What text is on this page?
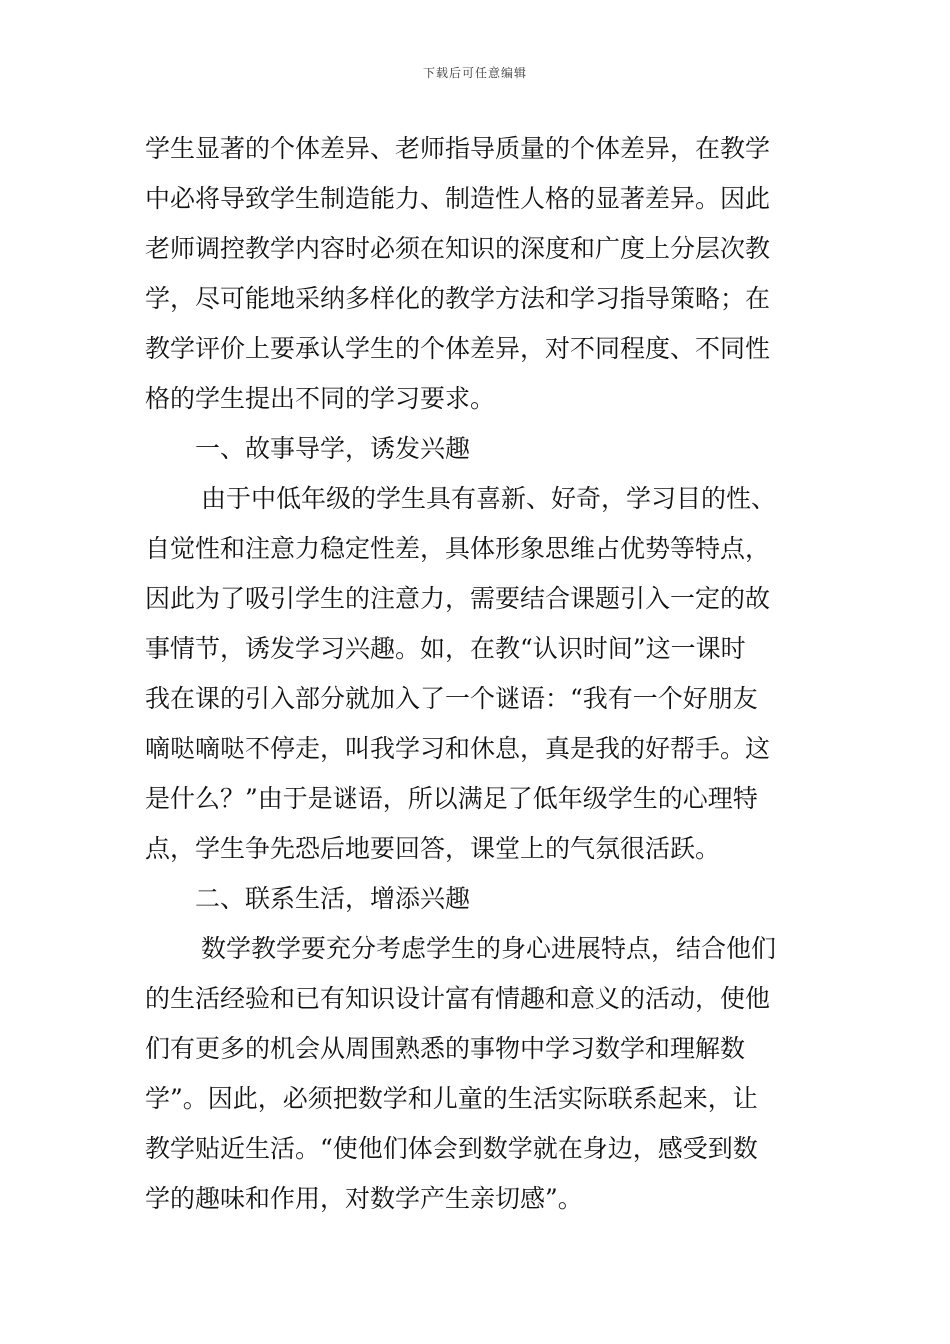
下载后可任意编辑
学生显著的个体差异、老师指导质量的个体差异，在教学
中必将导致学生制造能力、制造性人格的显著差异。因此
老师调控教学内容时必须在知识的深度和广度上分层次教
学，尽可能地采纳多样化的教学方法和学习指导策略；在
教学评价上要承认学生的个体差异，对不同程度、不同性
格的学生提出不同的学习要求。
一、故事导学，诱发兴趣
由于中低年级的学生具有喜新、好奇，学习目的性、
自觉性和注意力稳定性差，具体形象思维占优势等特点，
因此为了吸引学生的注意力，需要结合课题引入一定的故
事情节，诱发学习兴趣。如，在教“认识时间”这一课时
我在课的引入部分就加入了一个谜语：“我有一个好朋友
嘀哒嘀哒不停走，叫我学习和休息，真是我的好帮手。这
是什么？”由于是谜语，所以满足了低年级学生的心理特
点，学生争先恐后地要回答，课堂上的气氛很活跃。
二、联系生活，增添兴趣
数学教学要充分考虑学生的身心进展特点，结合他们
的生活经验和已有知识设计富有情趣和意义的活动，使他
们有更多的机会从周围熟悉的事物中学习数学和理解数
学”。因此，必须把数学和儿童的生活实际联系起来，让
教学贴近生活。“使他们体会到数学就在身边，感受到数
学的趣味和作用，对数学产生亲切感”。
